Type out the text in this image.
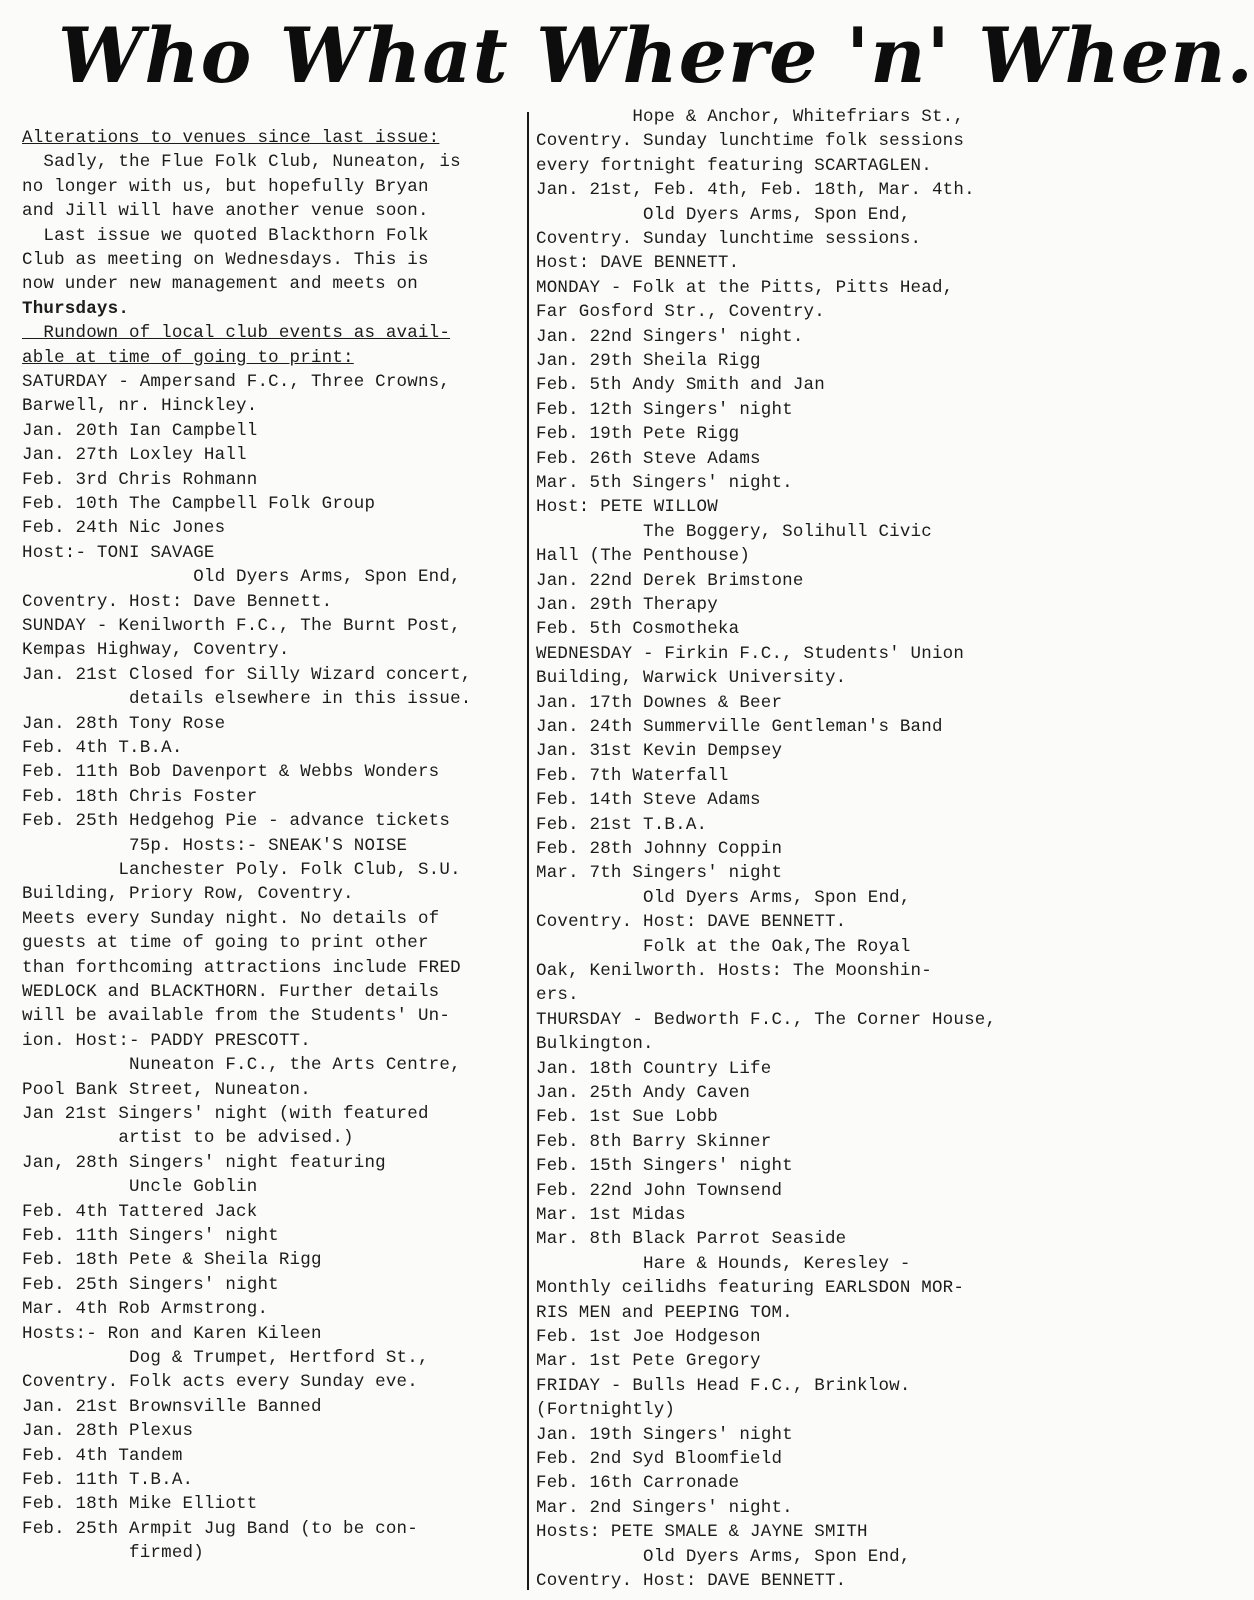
Who What Where 'n' When.
Alterations to venues since last issue:
Sadly, the Flue Folk Club, Nuneaton, is
no longer with us, but hopefully Bryan
and Jill will have another venue soon.
Last issue we quoted Blackthorn Folk
Club as meeting on Wednesdays. This is
now under new management and meets on
Thursdays.
Rundown of local club events as avail-
able at time of going to print:
SATURDAY - Ampersand F.C., Three Crowns,
Barwell, nr. Hinckley.
Jan. 20th Ian Campbell
Jan. 27th Loxley Hall
Feb. 3rd Chris Rohmann
Feb. 10th The Campbell Folk Group
Feb. 24th Nic Jones
Host:- TONI SAVAGE
Old Dyers Arms, Spon End,
Coventry. Host: Dave Bennett.
SUNDAY - Kenilworth F.C., The Burnt Post,
Kempas Highway, Coventry.
Jan. 21st Closed for Silly Wizard concert,
details elsewhere in this issue.
Jan. 28th Tony Rose
Feb. 4th T.B.A.
Feb. 11th Bob Davenport & Webbs Wonders
Feb. 18th Chris Foster
Feb. 25th Hedgehog Pie - advance tickets
75p. Hosts:- SNEAK'S NOISE
Lanchester Poly. Folk Club, S.U.
Building, Priory Row, Coventry.
Meets every Sunday night. No details of
guests at time of going to print other
than forthcoming attractions include FRED
WEDLOCK and BLACKTHORN. Further details
will be available from the Students' Un-
ion. Host:- PADDY PRESCOTT.
Nuneaton F.C., the Arts Centre,
Pool Bank Street, Nuneaton.
Jan 21st Singers' night (with featured
artist to be advised.)
Jan, 28th Singers' night featuring
Uncle Goblin
Feb. 4th Tattered Jack
Feb. 11th Singers' night
Feb. 18th Pete & Sheila Rigg
Feb. 25th Singers' night
Mar. 4th Rob Armstrong.
Hosts:- Ron and Karen Kileen
Dog & Trumpet, Hertford St.,
Coventry. Folk acts every Sunday eve.
Jan. 21st Brownsville Banned
Jan. 28th Plexus
Feb. 4th Tandem
Feb. 11th T.B.A.
Feb. 18th Mike Elliott
Feb. 25th Armpit Jug Band (to be con-
firmed)
Hope & Anchor, Whitefriars St.,
Coventry. Sunday lunchtime folk sessions
every fortnight featuring SCARTAGLEN.
Jan. 21st, Feb. 4th, Feb. 18th, Mar. 4th.
Old Dyers Arms, Spon End,
Coventry. Sunday lunchtime sessions.
Host: DAVE BENNETT.
MONDAY - Folk at the Pitts, Pitts Head,
Far Gosford Str., Coventry.
Jan. 22nd Singers' night.
Jan. 29th Sheila Rigg
Feb. 5th Andy Smith and Jan
Feb. 12th Singers' night
Feb. 19th Pete Rigg
Feb. 26th Steve Adams
Mar. 5th Singers' night.
Host: PETE WILLOW
The Boggery, Solihull Civic
Hall (The Penthouse)
Jan. 22nd Derek Brimstone
Jan. 29th Therapy
Feb. 5th Cosmotheka
WEDNESDAY - Firkin F.C., Students' Union
Building, Warwick University.
Jan. 17th Downes & Beer
Jan. 24th Summerville Gentleman's Band
Jan. 31st Kevin Dempsey
Feb. 7th Waterfall
Feb. 14th Steve Adams
Feb. 21st T.B.A.
Feb. 28th Johnny Coppin
Mar. 7th Singers' night
Old Dyers Arms, Spon End,
Coventry. Host: DAVE BENNETT.
Folk at the Oak,The Royal
Oak, Kenilworth. Hosts: The Moonshin-
ers.
THURSDAY - Bedworth F.C., The Corner House,
Bulkington.
Jan. 18th Country Life
Jan. 25th Andy Caven
Feb. 1st Sue Lobb
Feb. 8th Barry Skinner
Feb. 15th Singers' night
Feb. 22nd John Townsend
Mar. 1st Midas
Mar. 8th Black Parrot Seaside
Hare & Hounds, Keresley -
Monthly ceilidhs featuring EARLSDON MOR-
RIS MEN and PEEPING TOM.
Feb. 1st Joe Hodgeson
Mar. 1st Pete Gregory
FRIDAY - Bulls Head F.C., Brinklow.
(Fortnightly)
Jan. 19th Singers' night
Feb. 2nd Syd Bloomfield
Feb. 16th Carronade
Mar. 2nd Singers' night.
Hosts: PETE SMALE & JAYNE SMITH
Old Dyers Arms, Spon End,
Coventry. Host: DAVE BENNETT.
